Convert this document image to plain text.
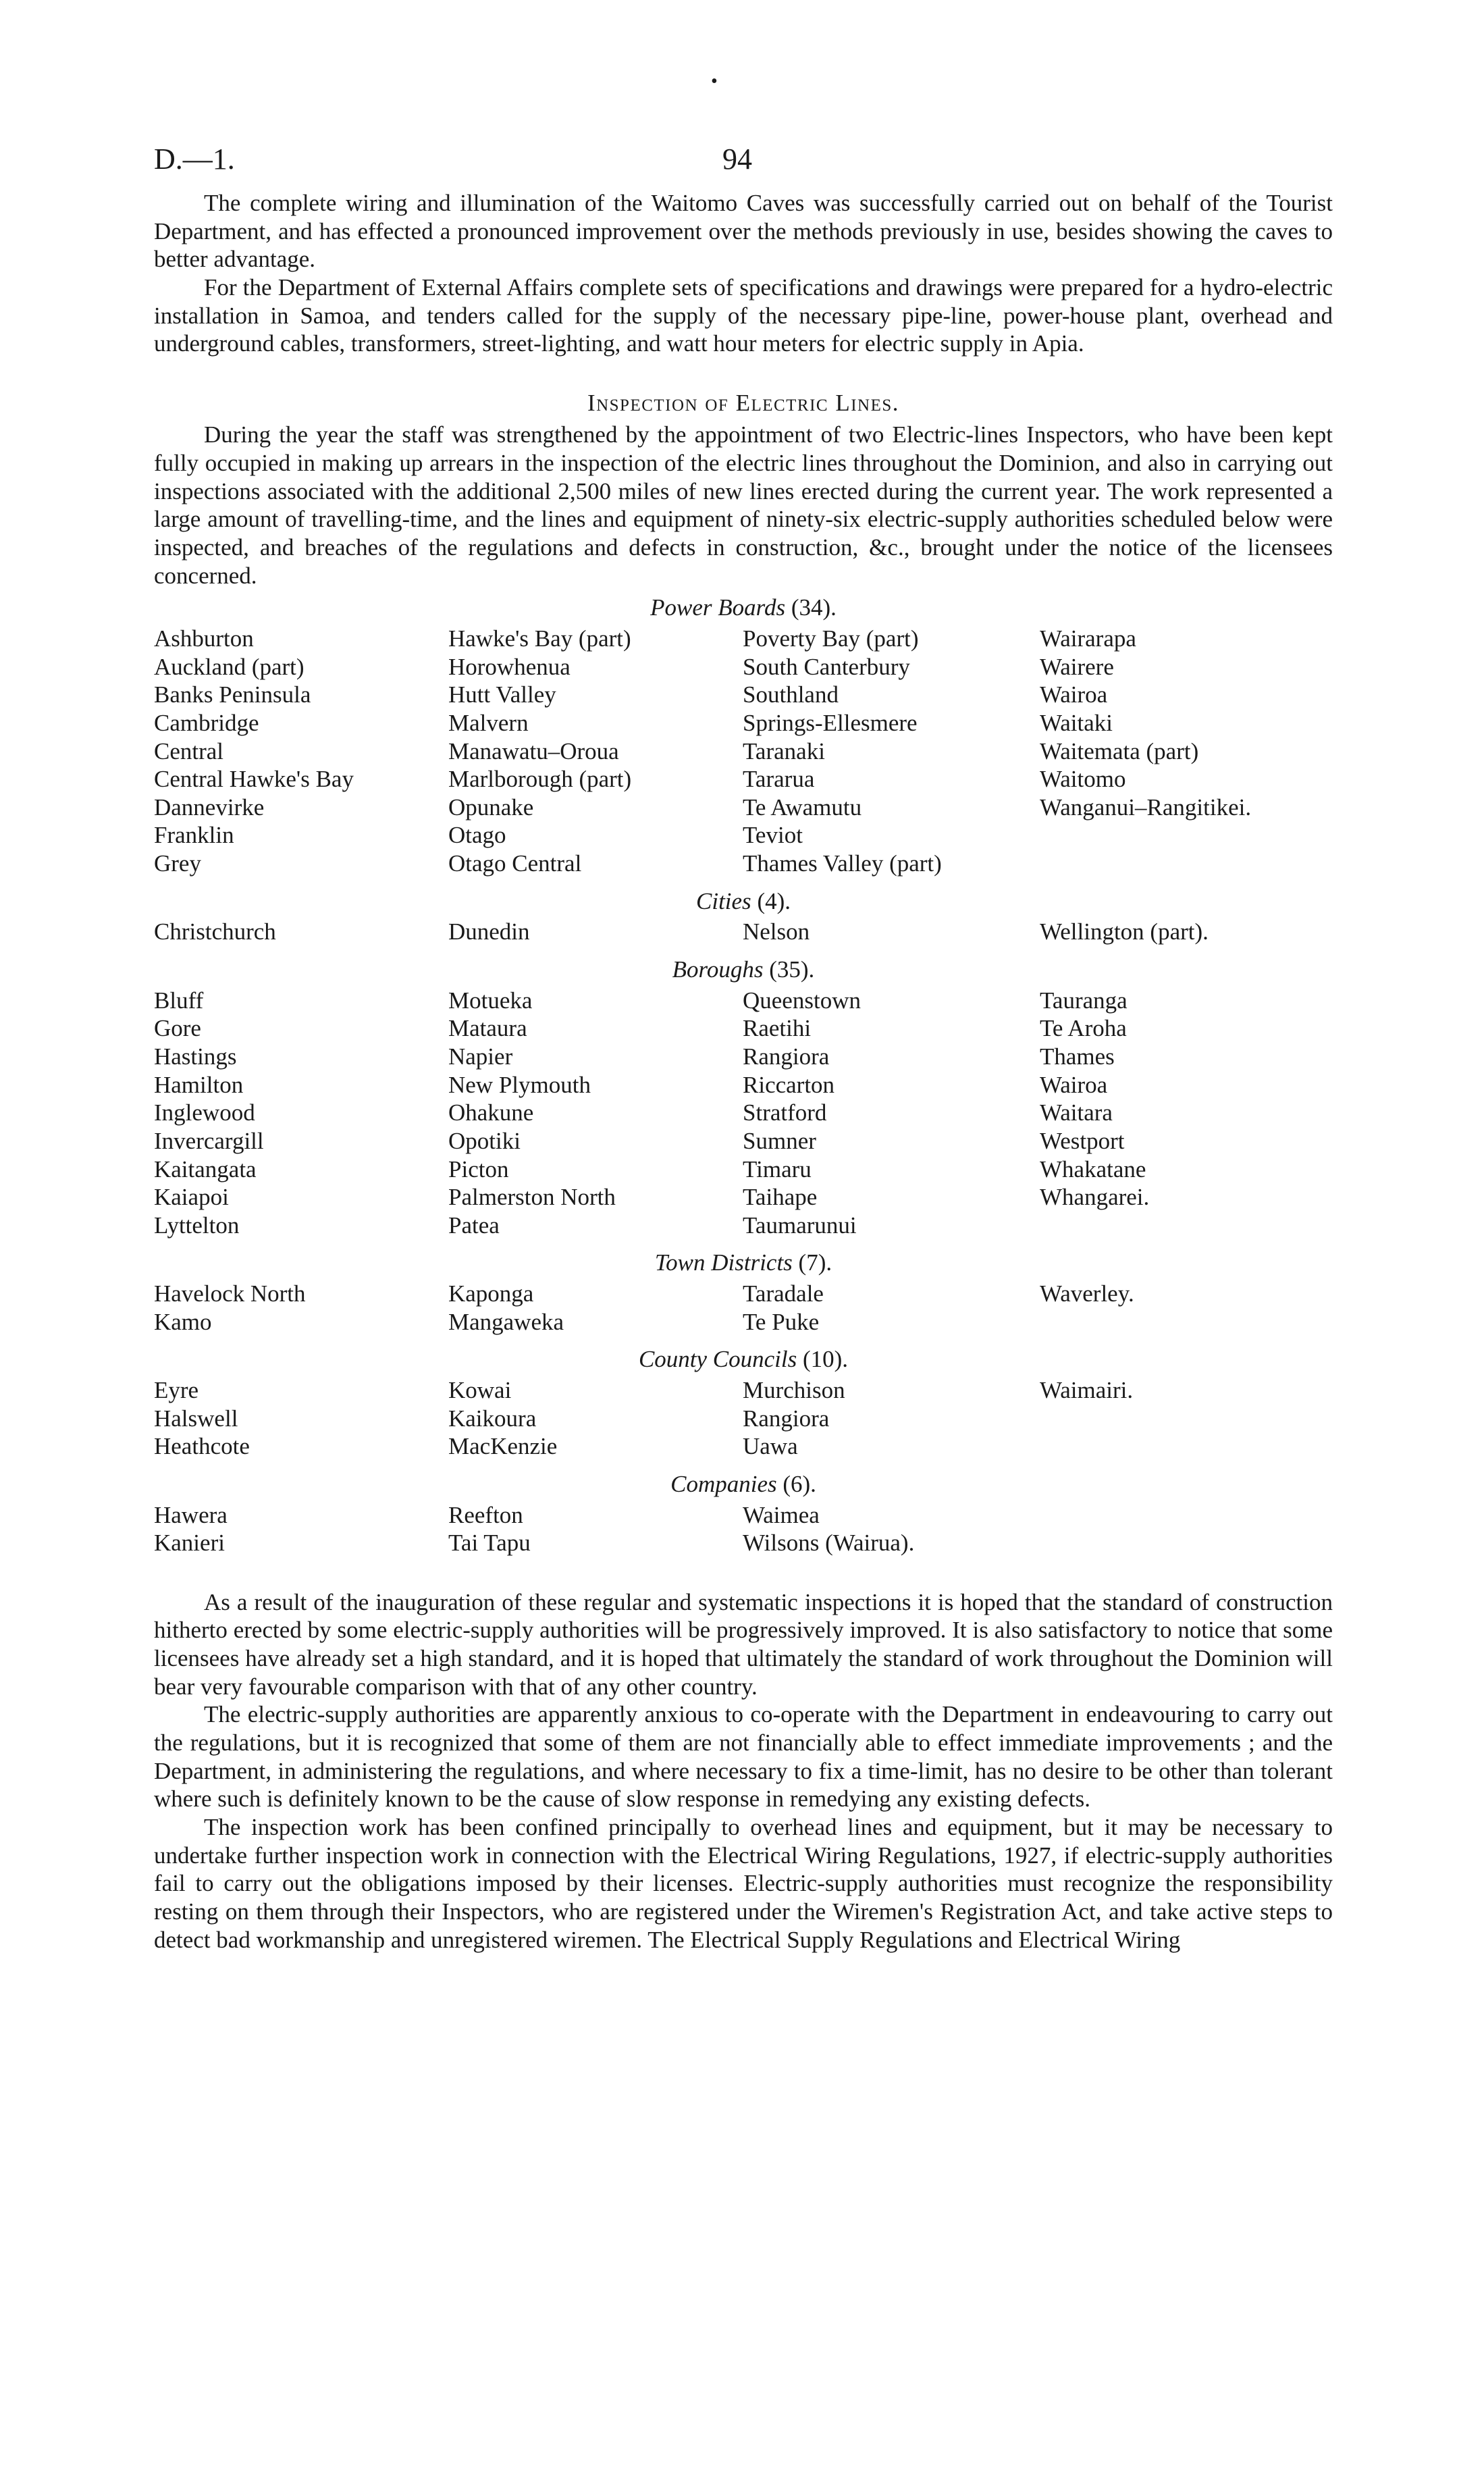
•
D.—1.	94

The complete wiring and illumination of the Waitomo Caves was successfully carried out on behalf of the Tourist Department, and has effected a pronounced improvement over the methods previously in use, besides showing the caves to better advantage.

For the Department of External Affairs complete sets of specifications and drawings were prepared for a hydro-electric installation in Samoa, and tenders called for the supply of the necessary pipe-line, power-house plant, overhead and underground cables, transformers, street-lighting, and watt hour meters for electric supply in Apia.

Inspection of Electric Lines.

During the year the staff was strengthened by the appointment of two Electric-lines Inspectors, who have been kept fully occupied in making up arrears in the inspection of the electric lines throughout the Dominion, and also in carrying out inspections associated with the additional 2,500 miles of new lines erected during the current year. The work represented a large amount of travelling-time, and the lines and equipment of ninety-six electric-supply authorities scheduled below were inspected, and breaches of the regulations and defects in construction, &c., brought under the notice of the licensees concerned.

Power Boards (34).
Ashburton	Hawke's Bay (part)	Poverty Bay (part)	Wairarapa
Auckland (part)	Horowhenua	South Canterbury	Wairere
Banks Peninsula	Hutt Valley	Southland	Wairoa
Cambridge	Malvern	Springs-Ellesmere	Waitaki
Central	Manawatu–Oroua	Taranaki	Waitemata (part)
Central Hawke's Bay	Marlborough (part)	Tararua	Waitomo
Dannevirke	Opunake	Te Awamutu	Wanganui–Rangitikei.
Franklin	Otago	Teviot

Grey	Otago Central	Thames Valley (part)

Cities (4).
Christchurch	Dunedin	Nelson	Wellington (part).
Boroughs (35).
Bluff	Motueka	Queenstown	Tauranga
Gore	Mataura	Raetihi	Te Aroha
Hastings	Napier	Rangiora	Thames
Hamilton	New Plymouth	Riccarton	Wairoa
Inglewood	Ohakune	Stratford	Waitara
Invercargill	Opotiki	Sumner	Westport
Kaitangata	Picton	Timaru	Whakatane
Kaiapoi	Palmerston North	Taihape	Whangarei.
Lyttelton	Patea	Taumarunui

Town Districts (7).
Havelock North	Kaponga	Taradale	Waverley.
Kamo	Mangaweka	Te Puke

County Councils (10).
Eyre	Kowai	Murchison	Waimairi.
Halswell	Kaikoura	Rangiora

Heathcote	MacKenzie	Uawa

Companies (6).
Hawera	Reefton	Waimea

Kanieri	Tai Tapu	Wilsons (Wairua).

As a result of the inauguration of these regular and systematic inspections it is hoped that the standard of construction hitherto erected by some electric-supply authorities will be progressively improved. It is also satisfactory to notice that some licensees have already set a high standard, and it is hoped that ultimately the standard of work throughout the Dominion will bear very favourable comparison with that of any other country.

The electric-supply authorities are apparently anxious to co-operate with the Department in endeavouring to carry out the regulations, but it is recognized that some of them are not financially able to effect immediate improvements ; and the Department, in administering the regulations, and where necessary to fix a time-limit, has no desire to be other than tolerant where such is definitely known to be the cause of slow response in remedying any existing defects.

The inspection work has been confined principally to overhead lines and equipment, but it may be necessary to undertake further inspection work in connection with the Electrical Wiring Regulations, 1927, if electric-supply authorities fail to carry out the obligations imposed by their licenses. Electric-supply authorities must recognize the responsibility resting on them through their Inspectors, who are registered under the Wiremen's Registration Act, and take active steps to detect bad workmanship and unregistered wiremen. The Electrical Supply Regulations and Electrical Wiring
